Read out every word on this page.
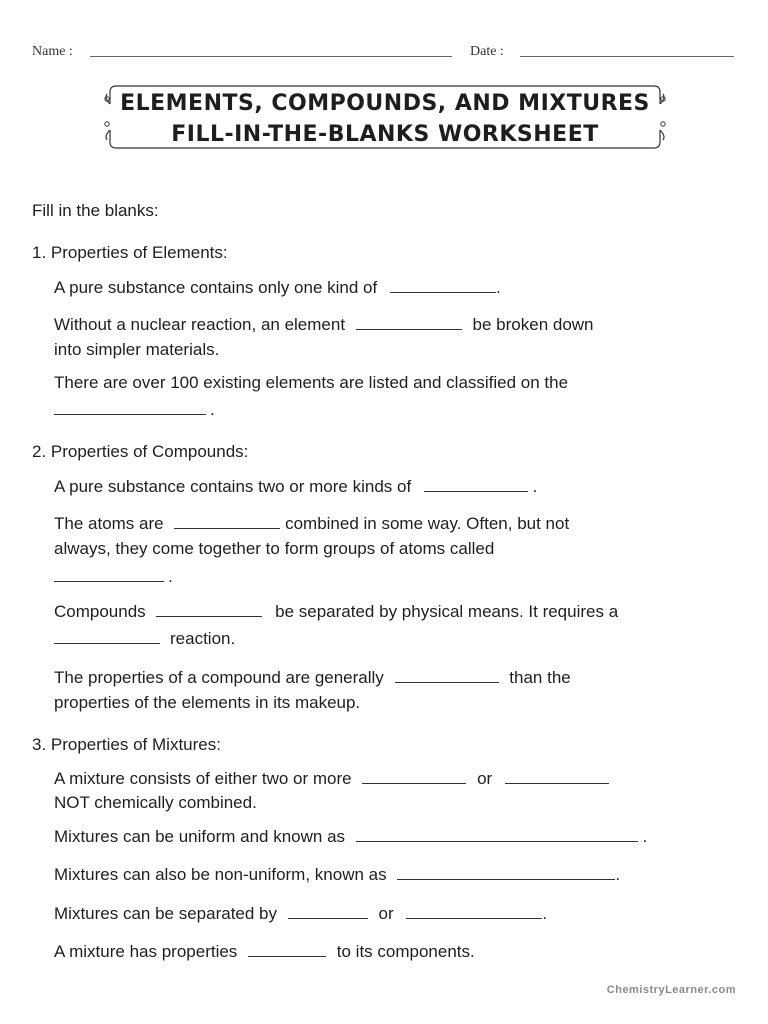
Name :	Date :
ELEMENTS, COMPOUNDS, AND MIXTURES
FILL-IN-THE-BLANKS WORKSHEET
Fill in the blanks:
1. Properties of Elements:
A pure substance contains only one kind of	.
Without a nuclear reaction, an element	be broken down
into simpler materials.
There are over 100 existing elements are listed and classified on the
.
2. Properties of Compounds:
A pure substance contains two or more kinds of	.
The atoms are	combined in some way. Often, but not
always, they come together to form groups of atoms called
.
Compounds	be separated by physical means. It requires a
reaction.
The properties of a compound are generally	than the
properties of the elements in its makeup.
3. Properties of Mixtures:
A mixture consists of either two or more	or
NOT chemically combined.
Mixtures can be uniform and known as	.
Mixtures can also be non-uniform, known as	.
Mixtures can be separated by	or	.
A mixture has properties	to its components.
ChemistryLearner.com
